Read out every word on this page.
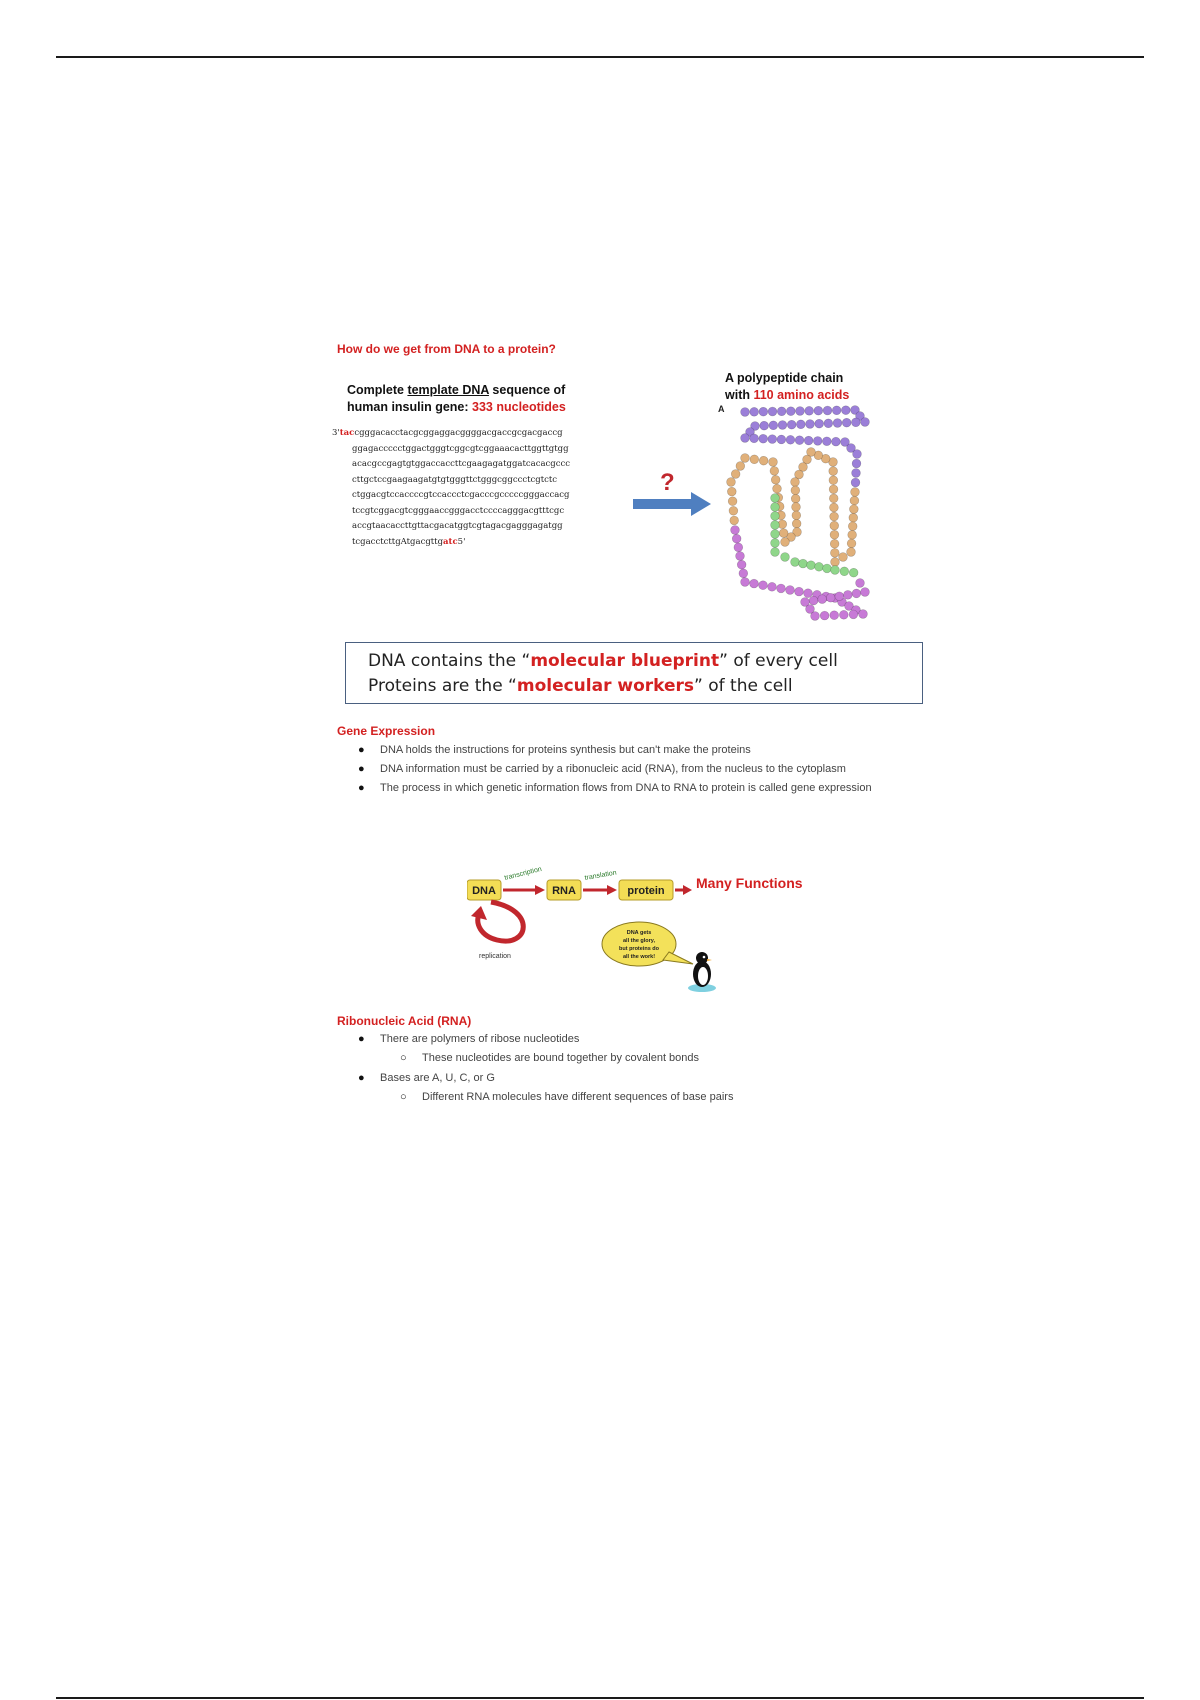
How do we get from DNA to a protein?
Complete template DNA sequence of
human insulin gene: 333 nucleotides
3'taccgggacacctacgcggaggacggggacgaccgcgacgaccg
ggagaccccctggactgggtcggcgtcggaaacacttggttgtgg
acacgccgagtgtggaccaccttcgaagagatggatcacacgccc
cttgctccgaagaagatgtgtgggttctgggcggccctcgtctc
ctggacgtccaccccgtccaccctcgacccgcccccgggaccacg
tccgtcggacgtcgggaaccgggacctccccagggacgtttcgc
accgtaacaccttgttacgacatggtcgtagacgagggagatgg
tcgacctcttgAtgacgttgatc5'
?
A polypeptide chain
with 110 amino acids
A
DNA contains the “molecular blueprint” of every cell
Proteins are the “molecular workers” of the cell
Gene Expression
● DNA holds the instructions for proteins synthesis but can't make the proteins
● DNA information must be carried by a ribonucleic acid (RNA), from the nucleus to the cytoplasm
● The process in which genetic information flows from DNA to RNA to protein is called gene expression
DNA
transcription
RNA
translation
protein Many Functions
replication
DNA gets
all the glory,
but proteins do
all the work!
Ribonucleic Acid (RNA)
● There are polymers of ribose nucleotides
○ These nucleotides are bound together by covalent bonds
● Bases are A, U, C, or G
○ Different RNA molecules have different sequences of base pairs
